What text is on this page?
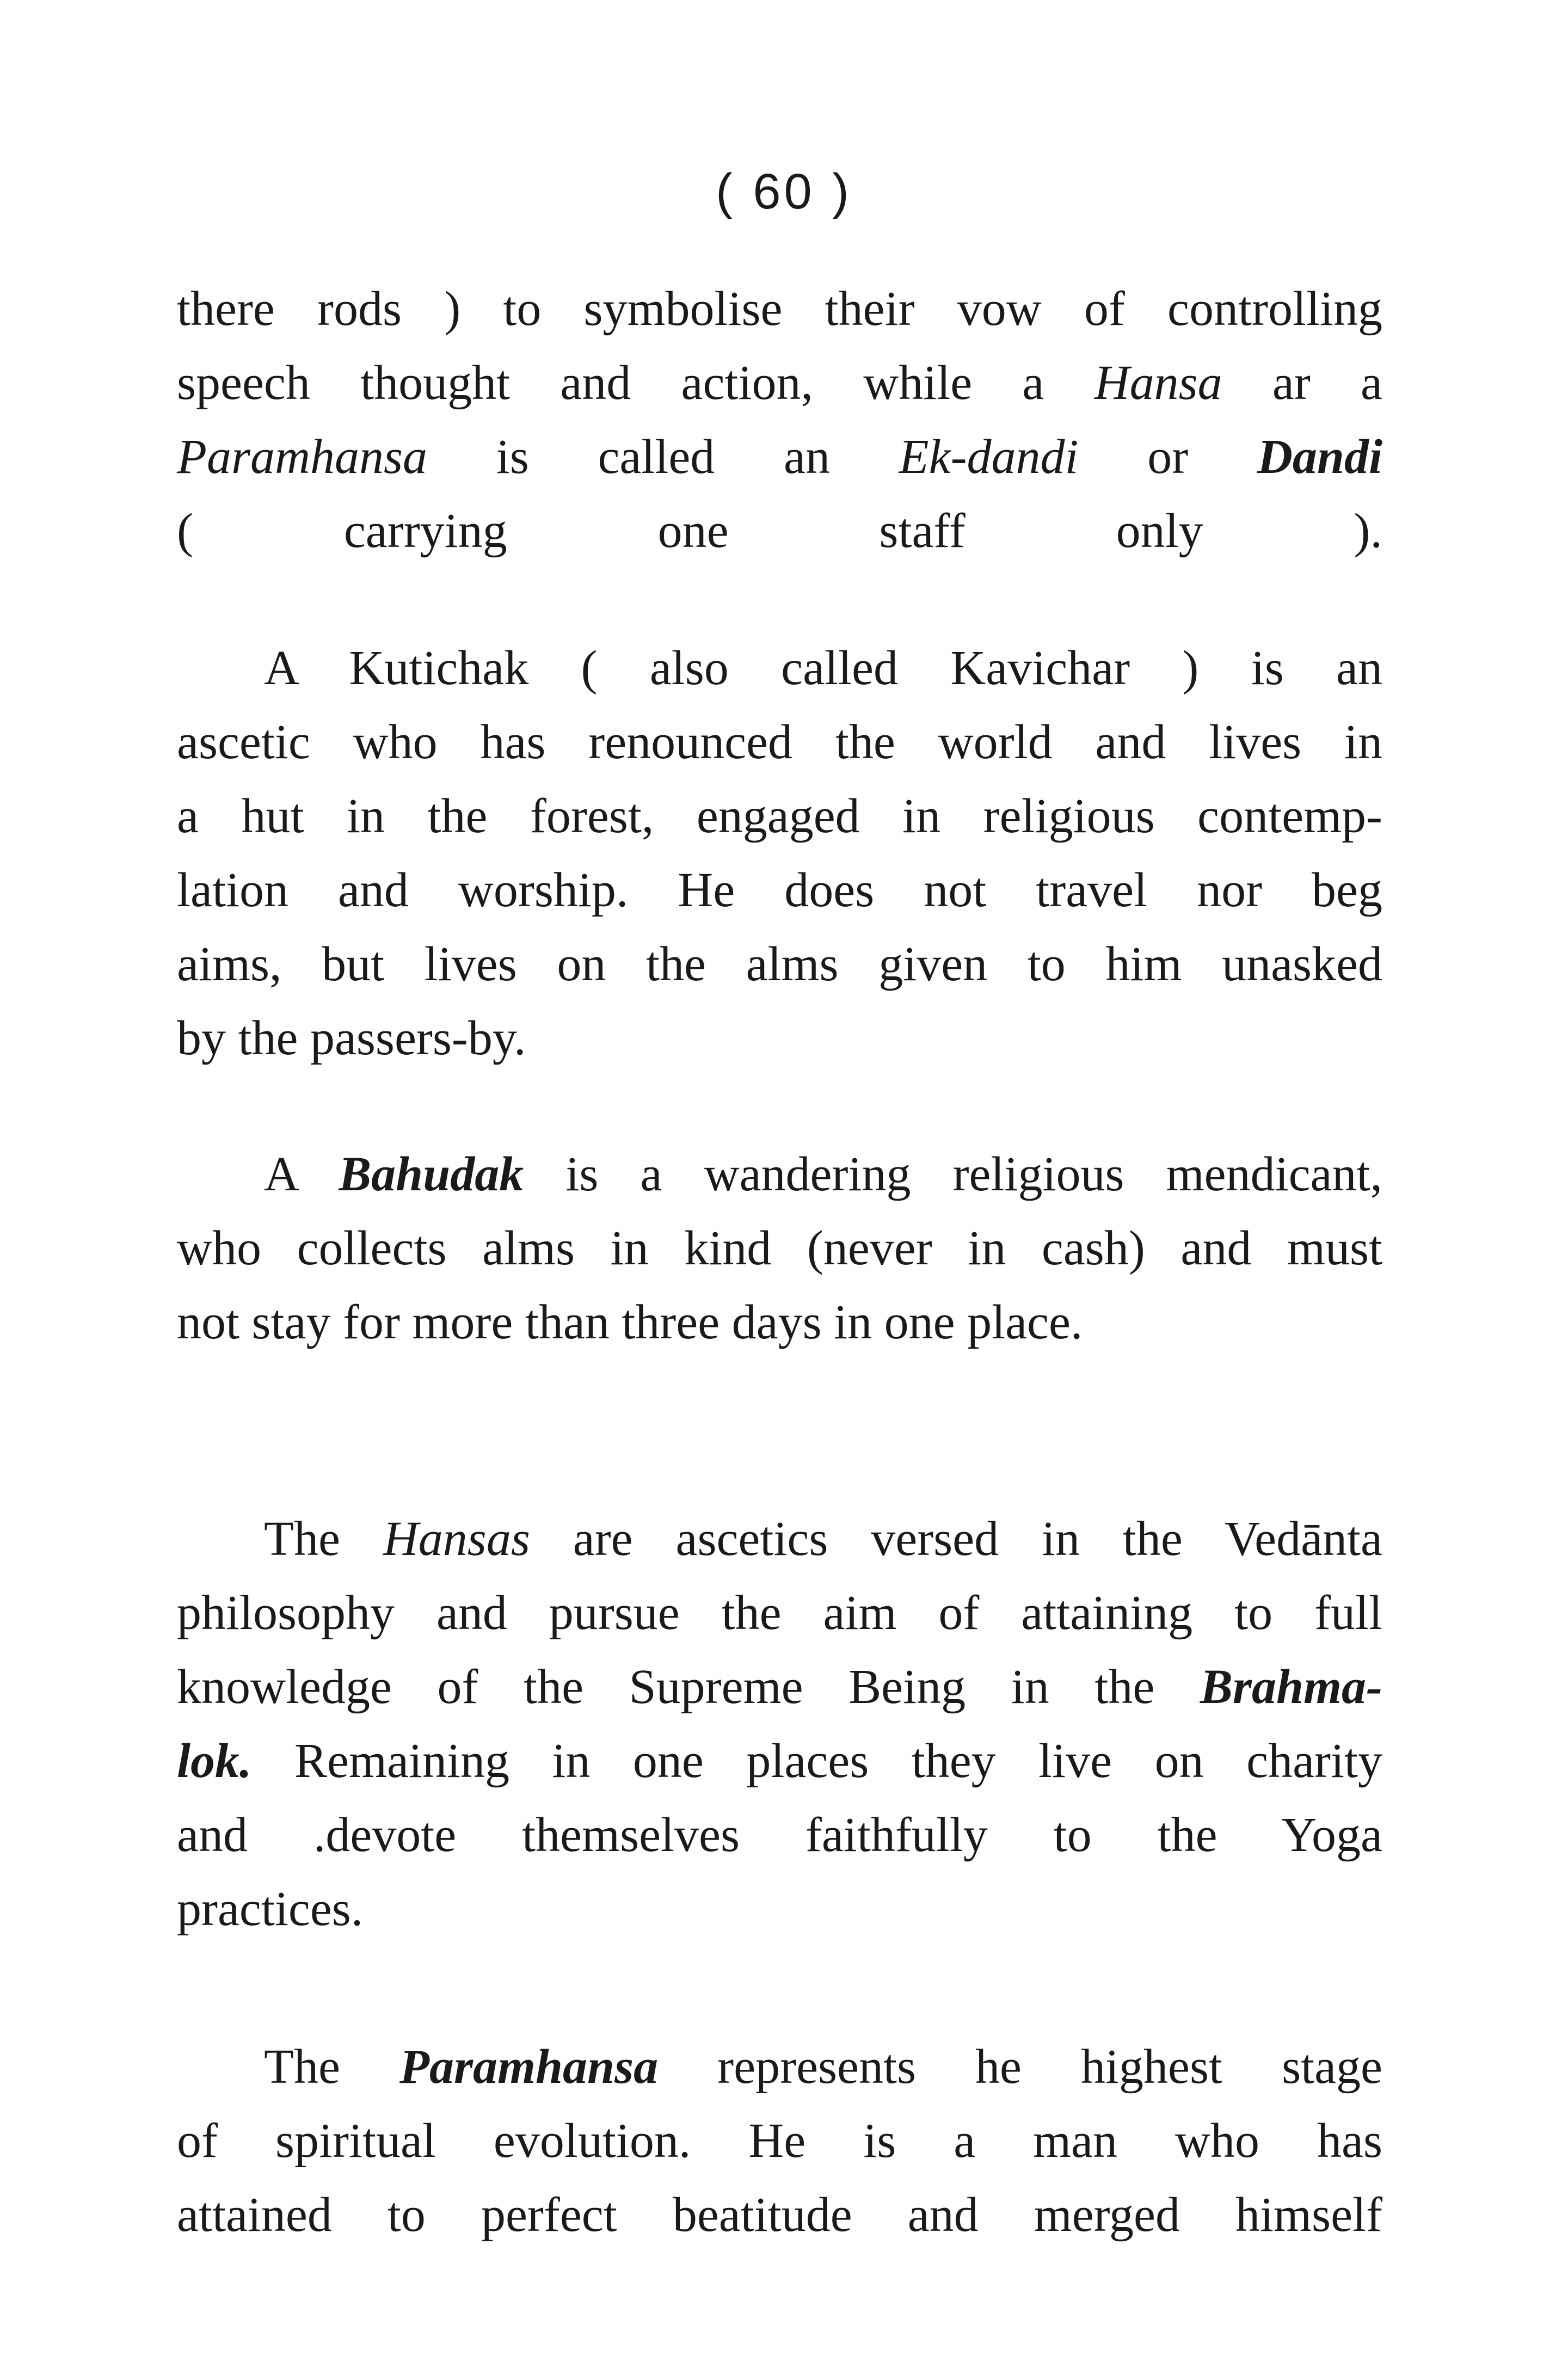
( 60 )
there rods ) to symbolise their vow of controlling
speech thought and action, while a Hansa ar a
Paramhansa is called an Ek-dandi or Dandi
( carrying one staff only ).
A Kutichak ( also called Kavichar ) is an
ascetic who has renounced the world and lives in
a hut in the forest, engaged in religious contemp-
lation and worship. He does not travel nor beg
aims, but lives on the alms given to him unasked
by the passers-by.
A Bahudak is a wandering religious mendicant,
who collects alms in kind (never in cash) and must
not stay for more than three days in one place.
The Hansas are ascetics versed in the Vedānta
philosophy and pursue the aim of attaining to full
knowledge of the Supreme Being in the Brahma-
lok. Remaining in one places they live on charity
and .devote themselves faithfully to the Yoga
practices.
The Paramhansa represents he highest stage
of spiritual evolution. He is a man who has
attained to perfect beatitude and merged himself
